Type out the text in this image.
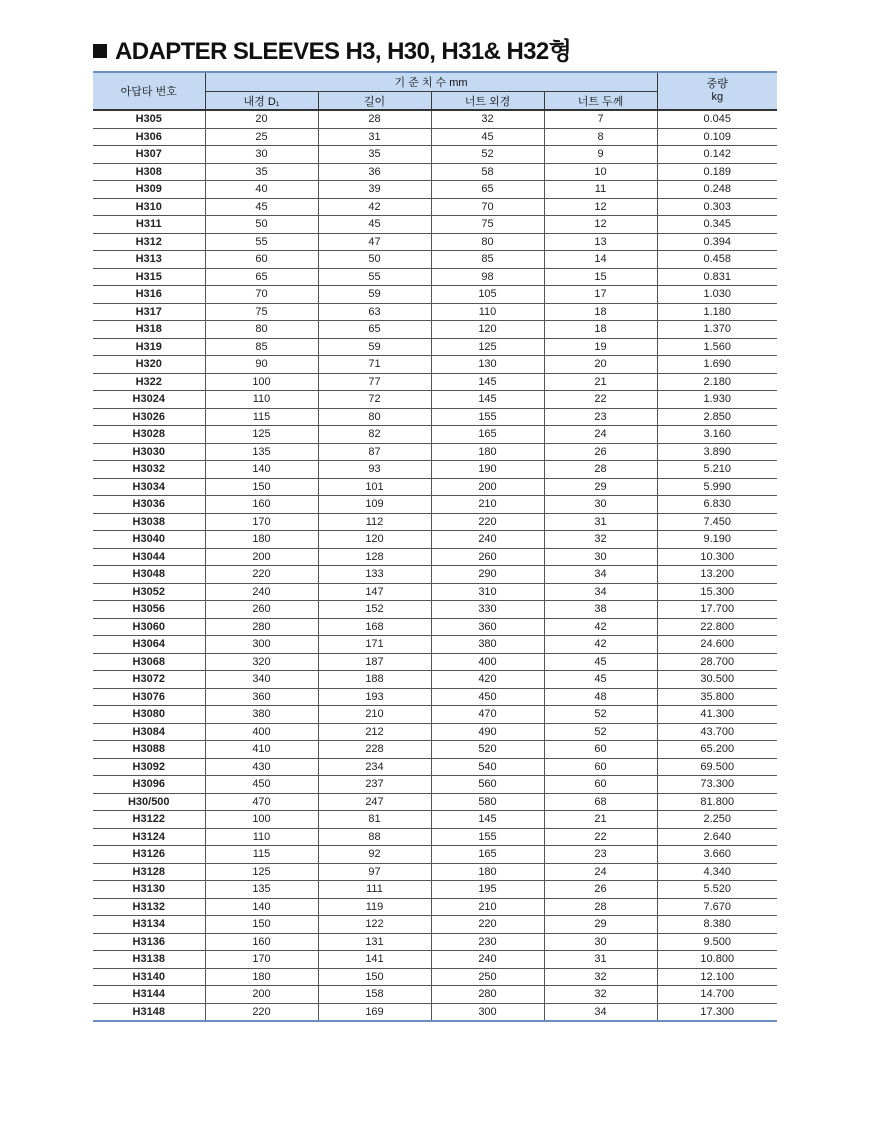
ADAPTER SLEEVES H3, H30, H31& H32형
아답타 번호	기 준 치 수 mm				중량
kg

	내경 D₁	길이	너트 외경	너트 두께	
H305	20	28	32	7	0.045
H306	25	31	45	8	0.109
H307	30	35	52	9	0.142
H308	35	36	58	10	0.189
H309	40	39	65	11	0.248
H310	45	42	70	12	0.303
H311	50	45	75	12	0.345
H312	55	47	80	13	0.394
H313	60	50	85	14	0.458
H315	65	55	98	15	0.831
H316	70	59	105	17	1.030
H317	75	63	110	18	1.180
H318	80	65	120	18	1.370
H319	85	59	125	19	1.560
H320	90	71	130	20	1.690
H322	100	77	145	21	2.180
H3024	110	72	145	22	1.930
H3026	115	80	155	23	2.850
H3028	125	82	165	24	3.160
H3030	135	87	180	26	3.890
H3032	140	93	190	28	5.210
H3034	150	101	200	29	5.990
H3036	160	109	210	30	6.830
H3038	170	112	220	31	7.450
H3040	180	120	240	32	9.190
H3044	200	128	260	30	10.300
H3048	220	133	290	34	13.200
H3052	240	147	310	34	15.300
H3056	260	152	330	38	17.700
H3060	280	168	360	42	22.800
H3064	300	171	380	42	24.600
H3068	320	187	400	45	28.700
H3072	340	188	420	45	30.500
H3076	360	193	450	48	35.800
H3080	380	210	470	52	41.300
H3084	400	212	490	52	43.700
H3088	410	228	520	60	65.200
H3092	430	234	540	60	69.500
H3096	450	237	560	60	73.300
H30/500	470	247	580	68	81.800
H3122	100	81	145	21	2.250
H3124	110	88	155	22	2.640
H3126	115	92	165	23	3.660
H3128	125	97	180	24	4.340
H3130	135	111	195	26	5.520
H3132	140	119	210	28	7.670
H3134	150	122	220	29	8.380
H3136	160	131	230	30	9.500
H3138	170	141	240	31	10.800
H3140	180	150	250	32	12.100
H3144	200	158	280	32	14.700
H3148	220	169	300	34	17.300
